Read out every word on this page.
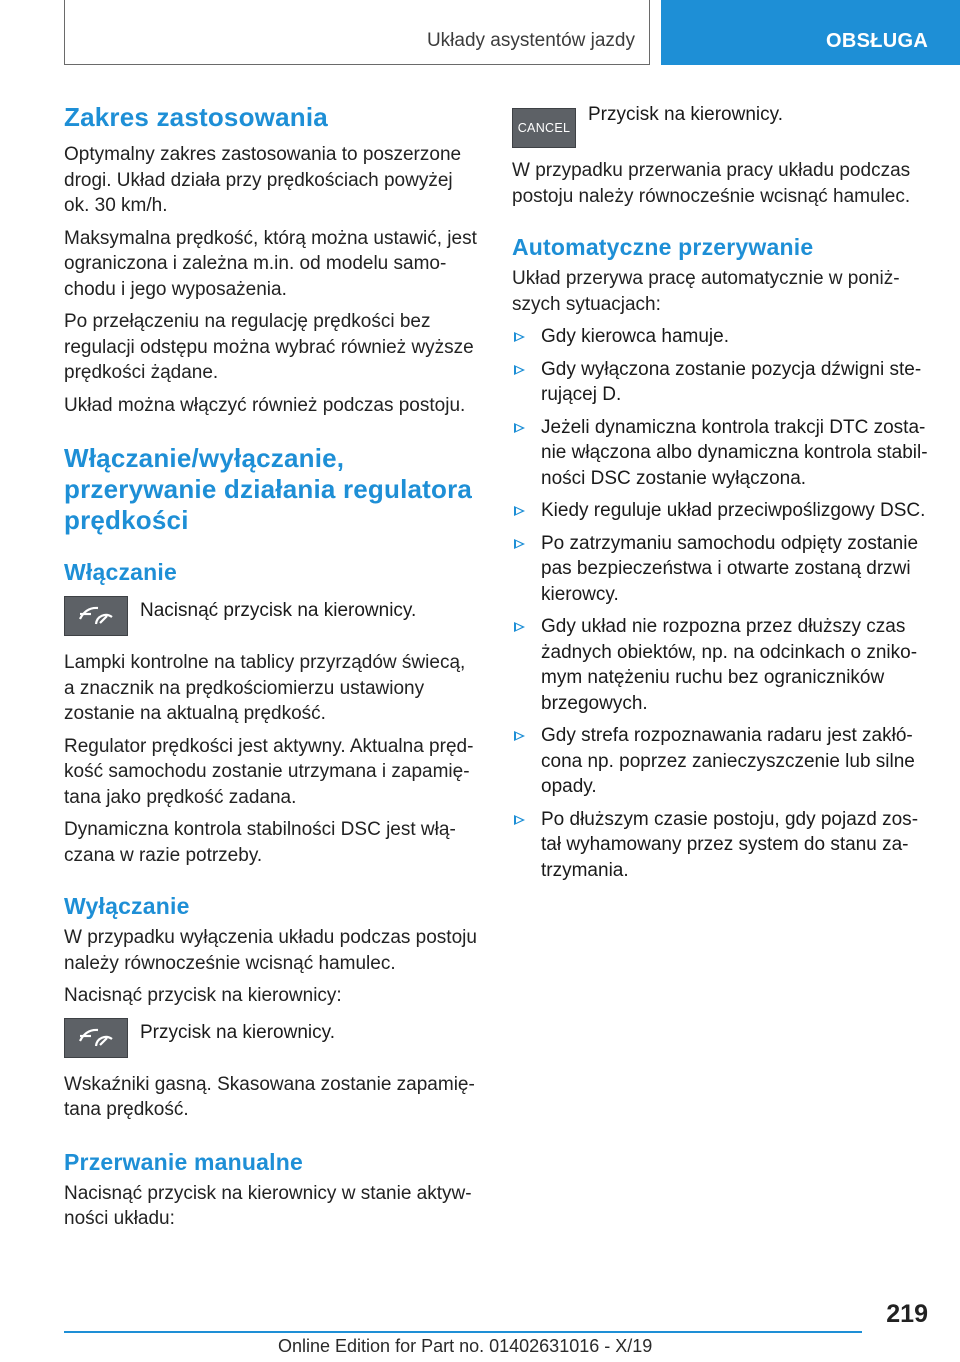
Układy asystentów jazdy	OBSŁUGA
Zakres zastosowania

Optymalny zakres zastosowania to poszerzone drogi. Układ działa przy prędkościach powyżej ok. 30 km/h.

Maksymalna prędkość, którą można ustawić, jest ograniczona i zależna m.in. od modelu samochodu i jego wyposażenia.

Po przełączeniu na regulację prędkości bez regulacji odstępu można wybrać również wyższe prędkości żądane.

Układ można włączyć również podczas postoju.

Włączanie/wyłączanie, przerywanie działania regulatora prędkości
Włączanie
Nacisnąć przycisk na kierownicy.

Lampki kontrolne na tablicy przyrządów świecą, a znacznik na prędkościomierzu ustawiony zostanie na aktualną prędkość.

Regulator prędkości jest aktywny. Aktualna prędkość samochodu zostanie utrzymana i zapamiętana jako prędkość zadana.

Dynamiczna kontrola stabilności DSC jest włączana w razie potrzeby.

Wyłączanie

W przypadku wyłączenia układu podczas postoju należy równocześnie wcisnąć hamulec.

Nacisnąć przycisk na kierownicy:

Przycisk na kierownicy.

Wskaźniki gasną. Skasowana zostanie zapamiętana prędkość.

Przerwanie manualne

Nacisnąć przycisk na kierownicy w stanie aktywności układu:

CANCEL
Przycisk na kierownicy.

W przypadku przerwania pracy układu podczas postoju należy równocześnie wcisnąć hamulec.

Automatyczne przerywanie

Układ przerywa pracę automatycznie w poniższych sytuacjach:

Gdy kierowca hamuje.
Gdy wyłączona zostanie pozycja dźwigni sterującej D.
Jeżeli dynamiczna kontrola trakcji DTC zostanie włączona albo dynamiczna kontrola stabilności DSC zostanie wyłączona.
Kiedy reguluje układ przeciwpoślizgowy DSC.
Po zatrzymaniu samochodu odpięty zostanie pas bezpieczeństwa i otwarte zostaną drzwi kierowcy.
Gdy układ nie rozpozna przez dłuższy czas żadnych obiektów, np. na odcinkach o znikomym natężeniu ruchu bez ograniczników brzegowych.
Gdy strefa rozpoznawania radaru jest zakłócona np. poprzez zanieczyszczenie lub silne opady.
Po dłuższym czasie postoju, gdy pojazd został wyhamowany przez system do stanu zatrzymania.
219
Online Edition for Part no. 01402631016 - X/19
